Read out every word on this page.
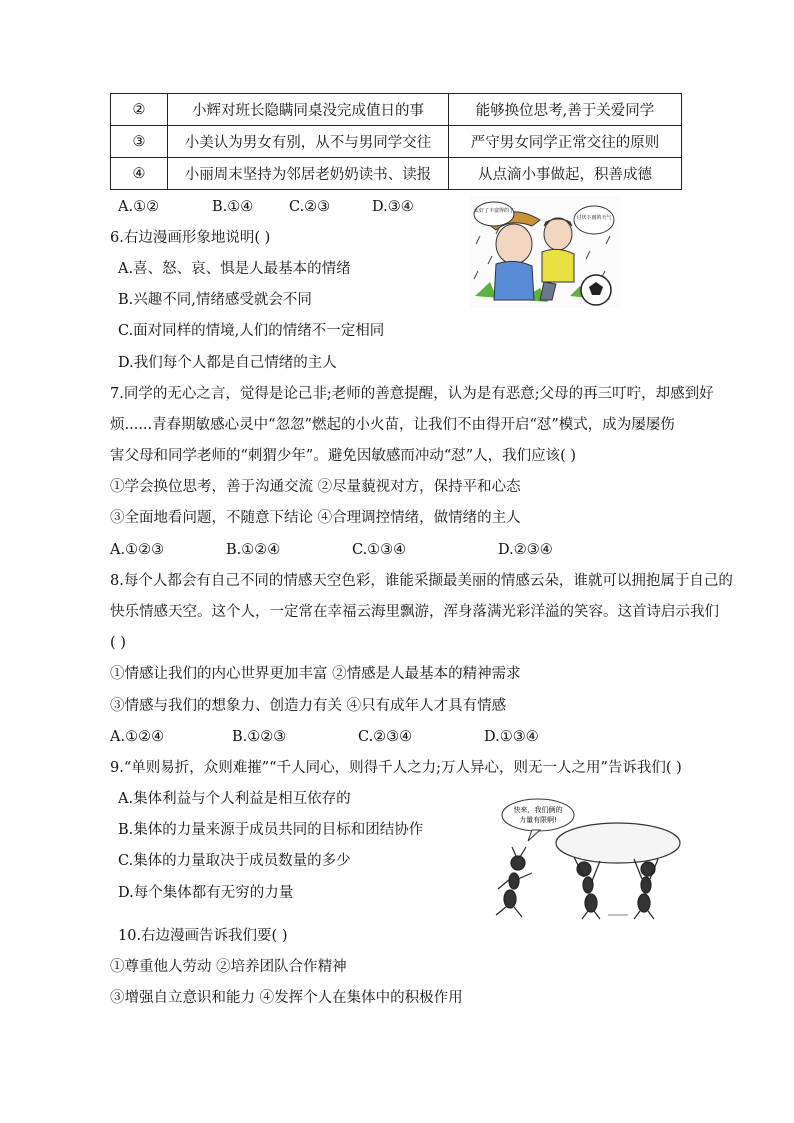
②	小辉对班长隐瞒同桌没完成值日的事	能够换位思考,善于关爱同学
③	小美认为男女有别，从不与男同学交往	严守男女同学正常交往的原则
④	小丽周末坚持为邻居老奶奶读书、读报	从点滴小事做起，积善成德
A.①②	B.①④ C.②③	D.③④
6.右边漫画形象地说明( )
A.喜、怒、哀、惧是人最基本的情绪
B.兴趣不同,情绪感受就会不同
C.面对同样的情境,人们的情绪不一定相同
D.我们每个人都是自己情绪的主人
太好了丰富得的了
讨厌下雨的天气
7.同学的无心之言，觉得是论己非;老师的善意提醒，认为是有恶意;父母的再三叮咛，却感到好
烦......青春期敏感心灵中“忽忽”燃起的小火苗，让我们不由得开启“怼”模式，成为屡屡伤
害父母和同学老师的“刺猬少年”。避免因敏感而冲动“怼”人，我们应该( )
①学会换位思考，善于沟通交流 ②尽量藐视对方，保持平和心态
③全面地看问题，不随意下结论 ④合理调控情绪，做情绪的主人
A.①②③	B.①②④	C.①③④	D.②③④
8.每个人都会有自己不同的情感天空色彩，谁能采撷最美丽的情感云朵，谁就可以拥抱属于自己的
快乐情感天空。这个人，一定常在幸福云海里飘游，浑身落满光彩洋溢的笑容。这首诗启示我们
( )
①情感让我们的内心世界更加丰富 ②情感是人最基本的精神需求
③情感与我们的想象力、创造力有关 ④只有成年人才具有情感
A.①②④	B.①②③	C.②③④	D.①③④
9.“单则易折，众则难摧”“千人同心，则得千人之力;万人异心，则无一人之用”告诉我们( )
A.集体利益与个人利益是相互依存的
B.集体的力量来源于成员共同的目标和团结协作
C.集体的力量取决于成员数量的多少
D.每个集体都有无穷的力量
快来，我们俩的
力量有限啊!
10.右边漫画告诉我们要( )
①尊重他人劳动 ②培养团队合作精神
③增强自立意识和能力 ④发挥个人在集体中的积极作用
